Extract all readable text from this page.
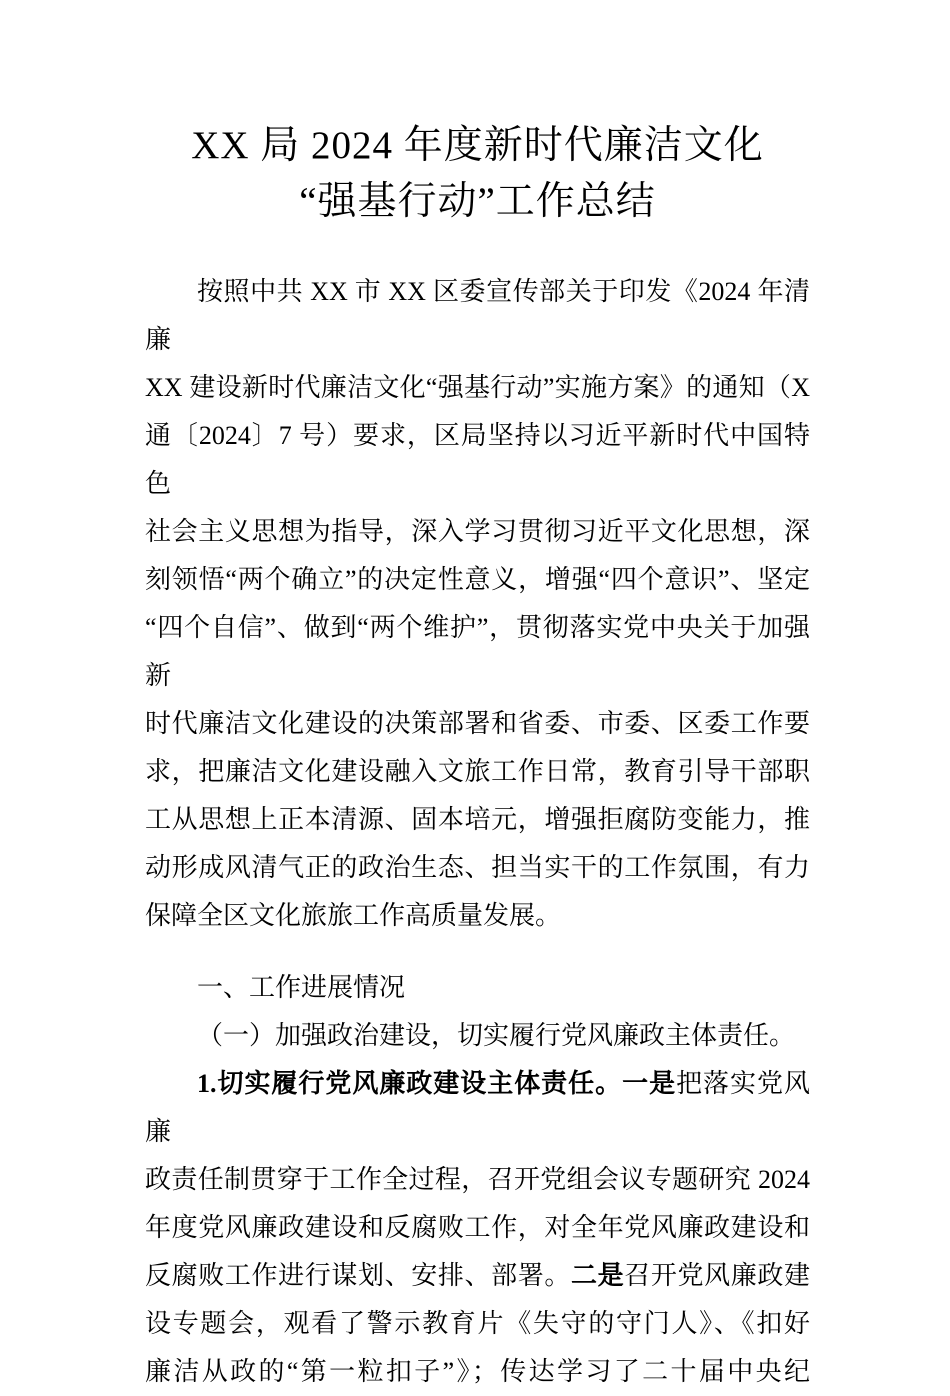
XX 局 2024 年度新时代廉洁文化
“强基行动”工作总结
按照中共 XX 市 XX 区委宣传部关于印发《2024 年清廉
XX 建设新时代廉洁文化“强基行动”实施方案》的通知（X
通〔2024〕7 号）要求，区局坚持以习近平新时代中国特色
社会主义思想为指导，深入学习贯彻习近平文化思想，深
刻领悟“两个确立”的决定性意义，增强“四个意识”、坚定
“四个自信”、做到“两个维护”，贯彻落实党中央关于加强新
时代廉洁文化建设的决策部署和省委、市委、区委工作要
求，把廉洁文化建设融入文旅工作日常，教育引导干部职
工从思想上正本清源、固本培元，增强拒腐防变能力，推
动形成风清气正的政治生态、担当实干的工作氛围，有力
保障全区文化旅旅工作高质量发展。
一、工作进展情况
（一）加强政治建设，切实履行党风廉政主体责任。
1.切实履行党风廉政建设主体责任。一是把落实党风廉
政责任制贯穿于工作全过程，召开党组会议专题研究 2024
年度党风廉政建设和反腐败工作，对全年党风廉政建设和
反腐败工作进行谋划、安排、部署。二是召开党风廉政建
设专题会，观看了警示教育片《失守的守门人》、《扣好
廉洁从政的“第一粒扣子”》；传达学习了二十届中央纪
